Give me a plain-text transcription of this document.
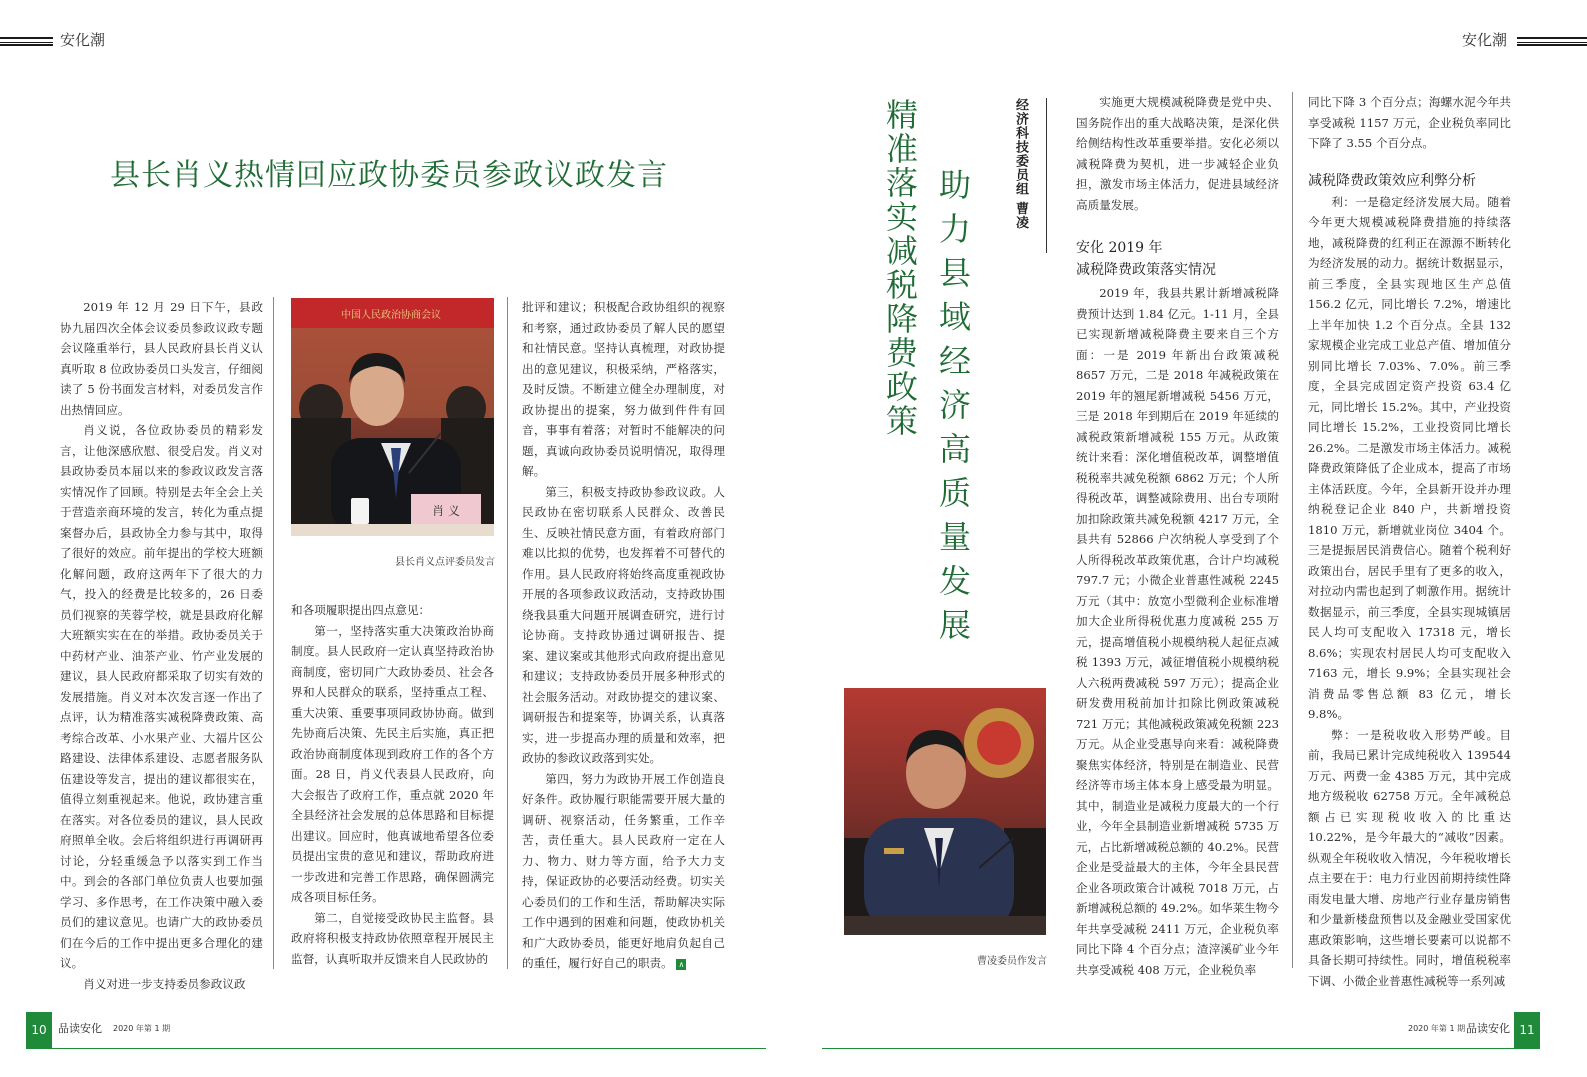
安化潮	安化潮
县长肖义热情回应政协委员参政议政发言

2019 年 12 月 29 日下午，县政协九届四次全体会议委员参政议政专题会议隆重举行，县人民政府县长肖义认真听取 8 位政协委员口头发言，仔细阅读了 5 份书面发言材料，对委员发言作出热情回应。

肖义说，各位政协委员的精彩发言，让他深感欣慰、很受启发。肖义对县政协委员本届以来的参政议政发言落实情况作了回顾。特别是去年全会上关于营造亲商环境的发言，转化为重点提案督办后，县政协全力参与其中，取得了很好的效应。前年提出的学校大班额化解问题，政府这两年下了很大的力气，投入的经费是比较多的，26 日委员们视察的芙蓉学校，就是县政府化解大班额实实在在的举措。政协委员关于中药材产业、油茶产业、竹产业发展的建议，县人民政府都采取了切实有效的发展措施。肖义对本次发言逐一作出了点评，认为精准落实减税降费政策、高考综合改革、小水果产业、大福片区公路建设、法律体系建设、志愿者服务队伍建设等发言，提出的建议都很实在，值得立刻重视起来。他说，政协建言重在落实。对各位委员的建议，县人民政府照单全收。会后将组织进行再调研再讨论，分轻重缓急予以落实到工作当中。到会的各部门单位负责人也要加强学习、多作思考，在工作决策中融入委员们的建议意见。也请广大的政协委员们在今后的工作中提出更多合理化的建议。

肖义对进一步支持委员参政议政

中国人民政治协商会议
肖 义
县长肖义点评委员发言

和各项履职提出四点意见：

第一，坚持落实重大决策政治协商制度。县人民政府一定认真坚持政治协商制度，密切同广大政协委员、社会各界和人民群众的联系，坚持重点工程、重大决策、重要事项同政协协商。做到先协商后决策、先民主后实施，真正把政治协商制度体现到政府工作的各个方面。28 日，肖义代表县人民政府，向大会报告了政府工作，重点就 2020 年全县经济社会发展的总体思路和目标提出建议。回应时，他真诚地希望各位委员提出宝贵的意见和建议，帮助政府进一步改进和完善工作思路，确保圆满完成各项目标任务。

第二，自觉接受政协民主监督。县政府将积极支持政协依照章程开展民主监督，认真听取并反馈来自人民政协的

批评和建议；积极配合政协组织的视察和考察，通过政协委员了解人民的愿望和社情民意。坚持认真梳理，对政协提出的意见建议，积极采纳，严格落实，及时反馈。不断建立健全办理制度，对政协提出的提案，努力做到件件有回音，事事有着落；对暂时不能解决的问题，真诚向政协委员说明情况，取得理解。

第三，积极支持政协参政议政。人民政协在密切联系人民群众、改善民生、反映社情民意方面，有着政府部门难以比拟的优势，也发挥着不可替代的作用。县人民政府将始终高度重视政协开展的各项参政议政活动，支持政协围绕我县重大问题开展调查研究，进行讨论协商。支持政协通过调研报告、提案、建议案或其他形式向政府提出意见和建议；支持政协委员开展多种形式的社会服务活动。对政协提交的建议案、调研报告和提案等，协调关系，认真落实，进一步提高办理的质量和效率，把政协的参政议政落到实处。

第四，努力为政协开展工作创造良好条件。政协履行职能需要开展大量的调研、视察活动，任务繁重，工作辛苦，责任重大。县人民政府一定在人力、物力、财力等方面，给予大力支持，保证政协的必要活动经费。切实关心委员们的工作和生活，帮助解决实际工作中遇到的困难和问题，使政协机关和广大政协委员，能更好地肩负起自己的重任，履行好自己的职责。 ∧

精准落实减税降费政策 助力县域经济高质量发展
经济科技委员组 曹凌
曹凌委员作发言

实施更大规模减税降费是党中央、国务院作出的重大战略决策，是深化供给侧结构性改革重要举措。安化必须以减税降费为契机，进一步减轻企业负担，激发市场主体活力，促进县域经济高质量发展。

安化 2019 年

减税降费政策落实情况

2019 年，我县共累计新增减税降费预计达到 1.84 亿元。1-11 月，全县已实现新增减税降费主要来自三个方面：一是 2019 年新出台政策减税 8657 万元，二是 2018 年减税政策在 2019 年的翘尾新增减税 5456 万元，三是 2018 年到期后在 2019 年延续的减税政策新增减税 155 万元。从政策统计来看：深化增值税改革，调整增值税税率共减免税额 6862 万元；个人所得税改革，调整减除费用、出台专项附加扣除政策共减免税额 4217 万元，全县共有 52866 户次纳税人享受到了个人所得税改革政策优惠，合计户均减税 797.7 元；小微企业普惠性减税 2245 万元（其中：放宽小型微利企业标准增加大企业所得税优惠力度减税 255 万元，提高增值税小规模纳税人起征点减税 1393 万元，减征增值税小规模纳税人六税两费减税 597 万元）；提高企业研发费用税前加计扣除比例政策减税 721 万元；其他减税政策减免税额 223 万元。从企业受惠导向来看：减税降费聚焦实体经济，特别是在制造业、民营经济等市场主体本身上感受最为明显。其中，制造业是减税力度最大的一个行业，今年全县制造业新增减税 5735 万元，占比新增减税总额的 40.2%。民营企业是受益最大的主体，今年全县民营企业各项政策合计减税 7018 万元，占新增减税总额的 49.2%。如华莱生物今年共享受减税 2411 万元，企业税负率同比下降 4 个百分点；渣滓溪矿业今年共享受减税 408 万元，企业税负率

同比下降 3 个百分点；海螺水泥今年共享受减税 1157 万元，企业税负率同比下降了 3.55 个百分点。

减税降费政策效应利弊分析

利：一是稳定经济发展大局。随着今年更大规模减税降费措施的持续落地，减税降费的红利正在源源不断转化为经济发展的动力。据统计数据显示，前三季度，全县实现地区生产总值 156.2 亿元，同比增长 7.2%，增速比上半年加快 1.2 个百分点。全县 132 家规模企业完成工业总产值、增加值分别同比增长 7.03%、7.0%。前三季度，全县完成固定资产投资 63.4 亿元，同比增长 15.2%。其中，产业投资同比增长 15.2%，工业投资同比增长 26.2%。二是激发市场主体活力。减税降费政策降低了企业成本，提高了市场主体活跃度。今年，全县新开设并办理纳税登记企业 840 户，共新增投资 1810 万元，新增就业岗位 3404 个。三是提振居民消费信心。随着个税利好政策出台，居民手里有了更多的收入，对拉动内需也起到了刺激作用。据统计数据显示，前三季度，全县实现城镇居民人均可支配收入 17318 元，增长 8.6%；实现农村居民人均可支配收入 7163 元，增长 9.9%；全县实现社会消费品零售总额 83 亿元，增长 9.8%。

弊：一是税收收入形势严峻。目前，我局已累计完成纯税收入 139544 万元、两费一金 4385 万元，其中完成地方级税收 62758 万元。全年减税总额占已实现税收收入的比重达 10.22%，是今年最大的“减收”因素。纵观全年税收收入情况，今年税收增长点主要在于：电力行业因前期持续性降雨发电量大增、房地产行业存量房销售和少量新楼盘预售以及金融业受国家优惠政策影响，这些增长要素可以说都不具备长期可持续性。同时，增值税税率下调、小微企业普惠性减税等一系列减

10	品读安化 2020 年第 1 期	2020 年第 1 期 品读安化 11
